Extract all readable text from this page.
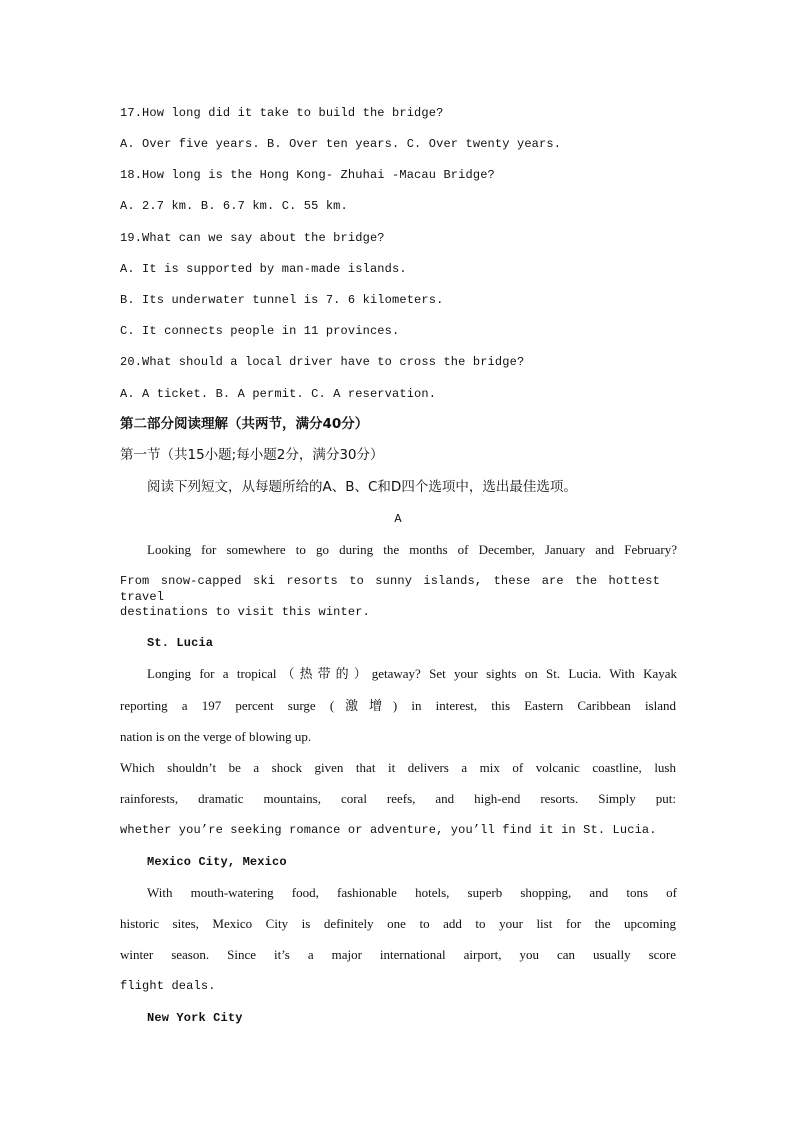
17.How long did it take to build the bridge?
A. Over five years. B. Over ten years. C. Over twenty years.
18.How long is the Hong Kong- Zhuhai -Macau Bridge?
A. 2.7 km. B. 6.7 km. C. 55 km.
19.What can we say about the bridge?
A. It is supported by man-made islands.
B. Its underwater tunnel is 7. 6 kilometers.
C. It connects people in 11 provinces.
20.What should a local driver have to cross the bridge?
A. A ticket. B. A permit. C. A reservation.
第二部分阅读理解（共两节，满分40分）
第一节（共15小题;每小题2分，满分30分）
阅读下列短文，从每题所给的A、B、C和D四个选项中，选出最佳选项。
A
Looking for somewhere to go during the months of December, January and February?
From snow-capped ski resorts to sunny islands, these are the hottest travel
destinations to visit this winter.
St. Lucia
Longing for a tropical（热带的）getaway? Set your sights on St. Lucia. With Kayak
reporting a 197 percent surge (激增) in interest, this Eastern Caribbean island
nation is on the verge of blowing up.
Which shouldn’t be a shock given that it delivers a mix of volcanic coastline, lush
rainforests, dramatic mountains, coral reefs, and high-end resorts. Simply put:
whether you’re seeking romance or adventure, you’ll find it in St. Lucia.
Mexico City, Mexico
With mouth-watering food, fashionable hotels, superb shopping, and tons of
historic sites, Mexico City is definitely one to add to your list for the upcoming
winter season. Since it’s a major international airport, you can usually score
flight deals.
New York City
